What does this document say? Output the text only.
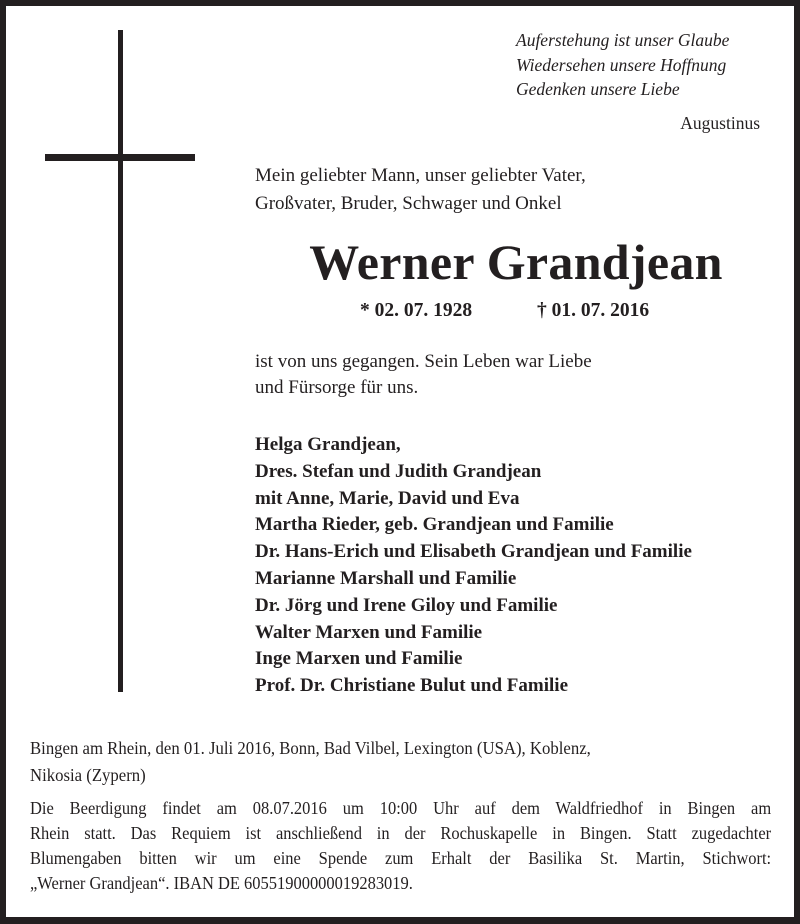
Auferstehung ist unser Glaube
Wiedersehen unsere Hoffnung
Gedenken unsere Liebe
Augustinus
Mein geliebter Mann, unser geliebter Vater,
Großvater, Bruder, Schwager und Onkel
Werner Grandjean
* 02. 07. 1928	† 01. 07. 2016
ist von uns gegangen. Sein Leben war Liebe
und Fürsorge für uns.
Helga Grandjean,
Dres. Stefan und Judith Grandjean
mit Anne, Marie, David und Eva
Martha Rieder, geb. Grandjean und Familie
Dr. Hans-Erich und Elisabeth Grandjean und Familie
Marianne Marshall und Familie
Dr. Jörg und Irene Giloy und Familie
Walter Marxen und Familie
Inge Marxen und Familie
Prof. Dr. Christiane Bulut und Familie
Bingen am Rhein, den 01. Juli 2016, Bonn, Bad Vilbel, Lexington (USA), Koblenz,
Nikosia (Zypern)
Die Beerdigung findet am 08.07.2016 um 10:00 Uhr auf dem Waldfriedhof in Bingen am
Rhein statt. Das Requiem ist anschließend in der Rochuskapelle in Bingen. Statt zugedachter
Blumengaben bitten wir um eine Spende zum Erhalt der Basilika St. Martin, Stichwort:
„Werner Grandjean“. IBAN DE 60551900000019283019.
